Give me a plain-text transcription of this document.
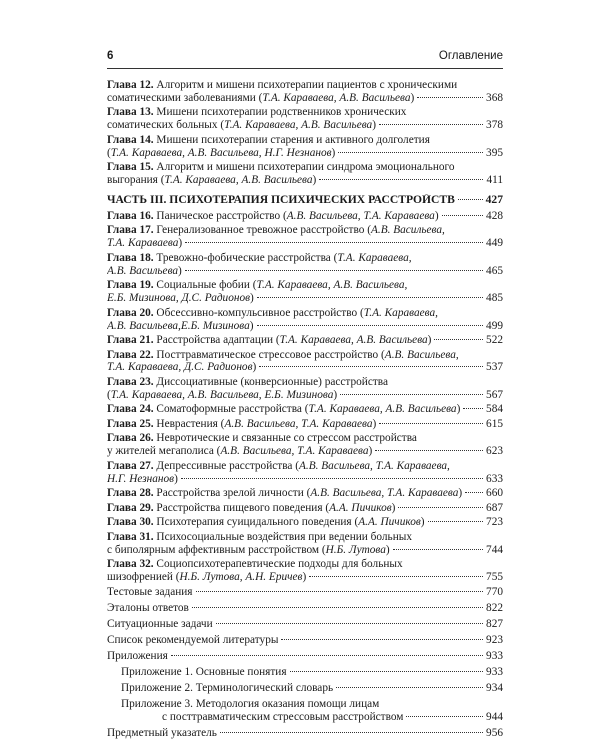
6	Оглавление
Глава 12. Алгоритм и мишени психотерапии пациентов с хроническими
соматическими заболеваниями (Т.А. Караваева, А.В. Васильева)	368
Глава 13. Мишени психотерапии родственников хронических
соматических больных (Т.А. Караваева, А.В. Васильева)	378
Глава 14. Мишени психотерапии старения и активного долголетия
(Т.А. Караваева, А.В. Васильева, Н.Г. Незнанов)	395
Глава 15. Алгоритм и мишени психотерапии синдрома эмоционального
выгорания (Т.А. Караваева, А.В. Васильева)	411
ЧАСТЬ III. ПСИХОТЕРАПИЯ ПСИХИЧЕСКИХ РАССТРОЙСТВ	427
Глава 16. Паническое расстройство (А.В. Васильева, Т.А. Караваева)	428
Глава 17. Генерализованное тревожное расстройство (А.В. Васильева,
Т.А. Караваева)	449
Глава 18. Тревожно-фобические расстройства (Т.А. Караваева,
А.В. Васильева)	465
Глава 19. Социальные фобии (Т.А. Караваева, А.В. Васильева,
Е.Б. Мизинова, Д.С. Радионов)	485
Глава 20. Обсессивно-компульсивное расстройство (Т.А. Караваева,
А.В. Васильева,Е.Б. Мизинова)	499
Глава 21. Расстройства адаптации (Т.А. Караваева, А.В. Васильева)	522
Глава 22. Посттравматическое стрессовое расстройство (А.В. Васильева,
Т.А. Караваева, Д.С. Радионов)	537
Глава 23. Диссоциативные (конверсионные) расстройства
(Т.А. Караваева, А.В. Васильева, Е.Б. Мизинова)	567
Глава 24. Соматоформные расстройства (Т.А. Караваева, А.В. Васильева) 584
Глава 25. Неврастения (А.В. Васильева, Т.А. Караваева)	615
Глава 26. Невротические и связанные со стрессом расстройства
у жителей мегаполиса (А.В. Васильева, Т.А. Караваева)	623
Глава 27. Депрессивные расстройства (А.В. Васильева, Т.А. Караваева,
Н.Г. Незнанов)	633
Глава 28. Расстройства зрелой личности (А.В. Васильева, Т.А. Караваева) 660
Глава 29. Расстройства пищевого поведения (А.А. Пичиков)	687
Глава 30. Психотерапия суицидального поведения (А.А. Пичиков)	723
Глава 31. Психосоциальные воздействия при ведении больных
с биполярным аффективным расстройством (Н.Б. Лутова)	744
Глава 32. Социопсихотерапевтические подходы для больных
шизофренией (Н.Б. Лутова, А.Н. Еричев)	755
Тестовые задания	770
Эталоны ответов	822
Ситуационные задачи	827
Список рекомендуемой литературы	923
Приложения	933
Приложение 1. Основные понятия	933
Приложение 2. Терминологический словарь	934
Приложение 3. Методология оказания помощи лицам
с посттравматическим стрессовым расстройством	944
Предметный указатель	956
